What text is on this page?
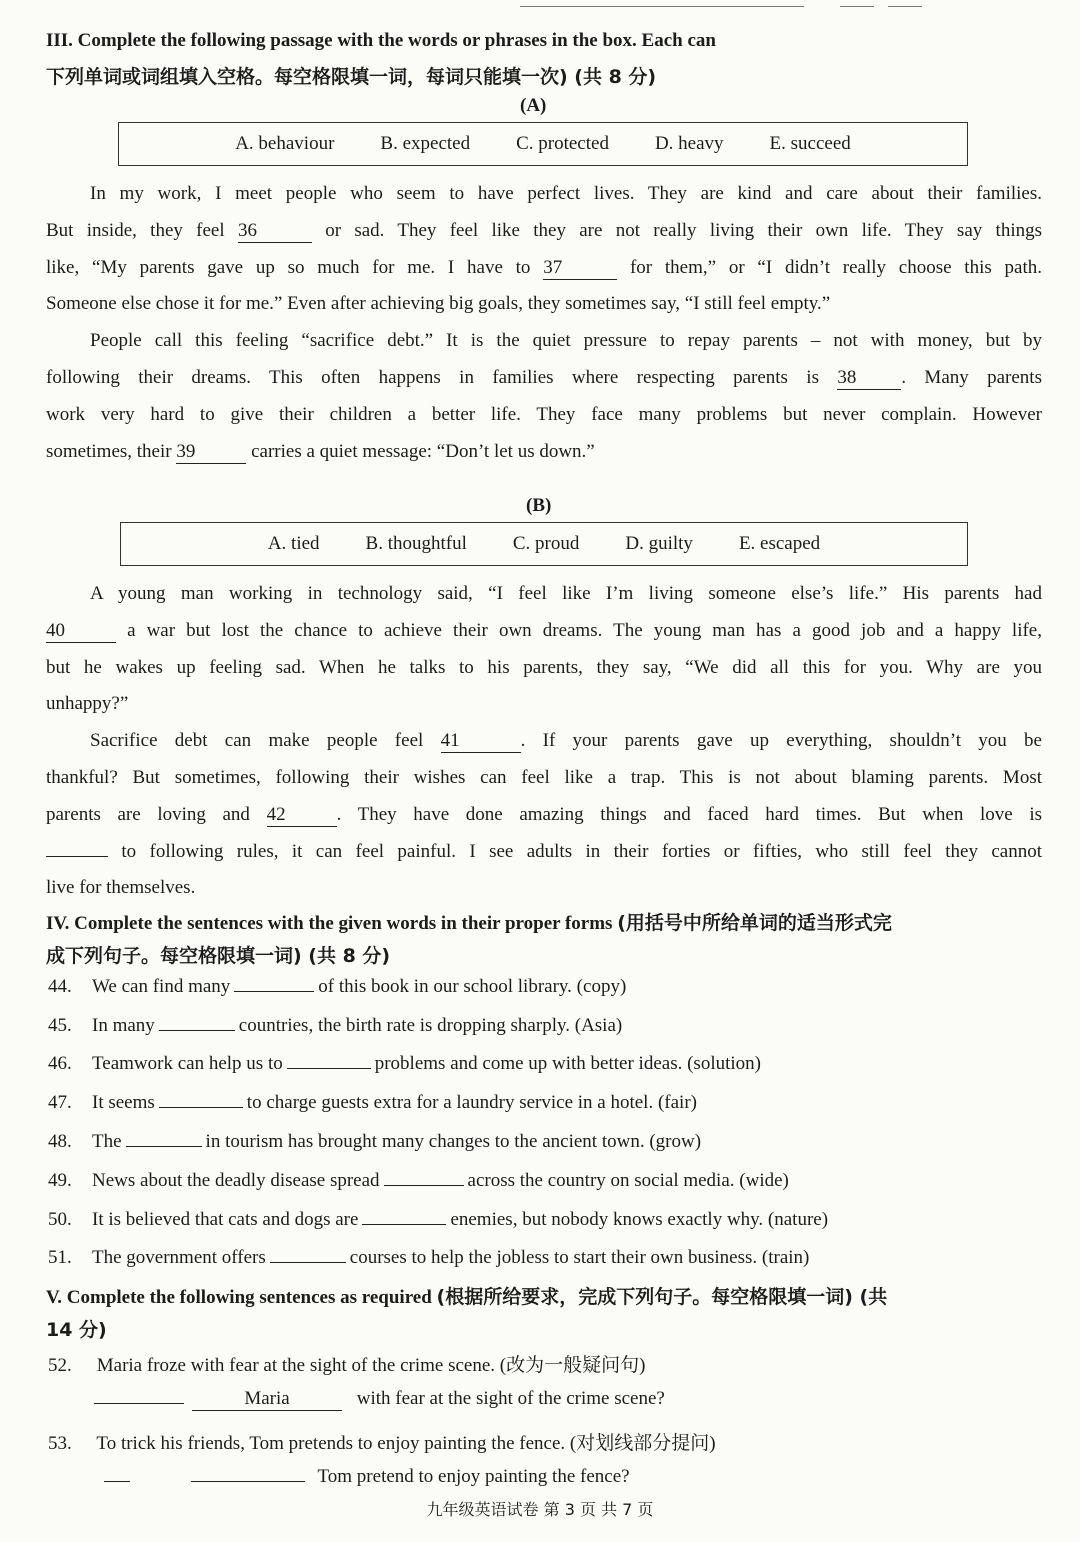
III. Complete the following passage with the words or phrases in the box. Each can
下列单词或词组填入空格。每空格限填一词，每词只能填一次) (共 8 分)
(A)
A. behaviour B. expected C. protected D. heavy E. succeed
In my work, I meet people who seem to have perfect lives. They are kind and care about their families.
But inside, they feel 36	or sad. They feel like they are not really living their own life. They say things
like, “My parents gave up so much for me. I have to 37	for them,” or “I didn’t really choose this path.
Someone else chose it for me.” Even after achieving big goals, they sometimes say, “I still feel empty.”
People call this feeling “sacrifice debt.” It is the quiet pressure to repay parents – not with money, but by
following their dreams. This often happens in families where respecting parents is 38 . Many parents
work very hard to give their children a better life. They face many problems but never complain. However
sometimes, their 39	carries a quiet message: “Don’t let us down.”
(B)
A. tied B. thoughtful C. proud D. guilty E. escaped
A young man working in technology said, “I feel like I’m living someone else’s life.” His parents had
40	a war but lost the chance to achieve their own dreams. The young man has a good job and a happy life,
but he wakes up feeling sad. When he talks to his parents, they say, “We did all this for you. Why are you
unhappy?”
Sacrifice debt can make people feel 41	. If your parents gave up everything, shouldn’t you be
thankful? But sometimes, following their wishes can feel like a trap. This is not about blaming parents. Most
parents are loving and 42	. They have done amazing things and faced hard times. But when love is
to following rules, it can feel painful. I see adults in their forties or fifties, who still feel they cannot
live for themselves.
IV. Complete the sentences with the given words in their proper forms (用括号中所给单词的适当形式完
成下列句子。每空格限填一词) (共 8 分)
44. We can find many	of this book in our school library. (copy)
45. In many	countries, the birth rate is dropping sharply. (Asia)
46. Teamwork can help us to	problems and come up with better ideas. (solution)
47. It seems	to charge guests extra for a laundry service in a hotel. (fair)
48. The	in tourism has brought many changes to the ancient town. (grow)
49. News about the deadly disease spread	across the country on social media. (wide)
50. It is believed that cats and dogs are	enemies, but nobody knows exactly why. (nature)
51. The government offers	courses to help the jobless to start their own business. (train)
V. Complete the following sentences as required (根据所给要求，完成下列句子。每空格限填一词) (共
14 分)
52. Maria froze with fear at the sight of the crime scene. (改为一般疑问句)
Maria	with fear at the sight of the crime scene?
53. To trick his friends, Tom pretends to enjoy painting the fence. (对划线部分提问)
Tom pretend to enjoy painting the fence?
九年级英语试卷 第 3 页 共 7 页
